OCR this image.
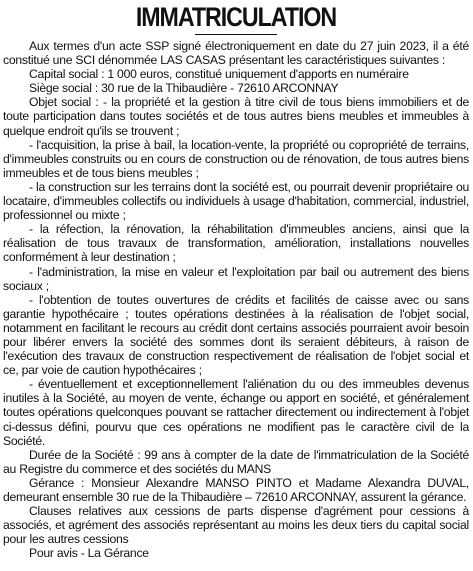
IMMATRICULATION

Aux termes d'un acte SSP signé électroniquement en date du 27 juin 2023, il a été constitué une SCI dénommée LAS CASAS présentant les caractéristiques suivantes :

Capital social : 1 000 euros, constitué uniquement d'apports en numéraire

Siège social : 30 rue de la Thibaudière - 72610 ARCONNAY

Objet social : - la propriété et la gestion à titre civil de tous biens immobiliers et de toute participation dans toutes sociétés et de tous autres biens meubles et immeubles à quelque endroit qu'ils se trouvent ;

- l'acquisition, la prise à bail, la location-vente, la propriété ou copropriété de terrains, d'immeubles construits ou en cours de construction ou de rénovation, de tous autres biens immeubles et de tous biens meubles ;

- la construction sur les terrains dont la société est, ou pourrait devenir propriétaire ou locataire, d'immeubles collectifs ou individuels à usage d'habitation, commercial, industriel, professionnel ou mixte ;

- la réfection, la rénovation, la réhabilitation d'immeubles anciens, ainsi que la réalisation de tous travaux de transformation, amélioration, installations nouvelles conformément à leur destination ;

- l'administration, la mise en valeur et l'exploitation par bail ou autrement des biens sociaux ;

- l'obtention de toutes ouvertures de crédits et facilités de caisse avec ou sans garantie hypothécaire ; toutes opérations destinées à la réalisation de l'objet social, notamment en facilitant le recours au crédit dont certains associés pourraient avoir besoin pour libérer envers la société des sommes dont ils seraient débiteurs, à raison de l'exécution des travaux de construction respectivement de réalisation de l'objet social et ce, par voie de caution hypothécaires ;

- éventuellement et exceptionnellement l'aliénation du ou des immeubles devenus inutiles à la Société, au moyen de vente, échange ou apport en société, et généralement toutes opérations quelconques pouvant se rattacher directement ou indirectement à l'objet ci-dessus défini, pourvu que ces opérations ne modifient pas le caractère civil de la Société.

Durée de la Société : 99 ans à compter de la date de l'immatriculation de la Société au Registre du commerce et des sociétés du MANS

Gérance : Monsieur Alexandre MANSO PINTO et Madame Alexandra DUVAL, demeurant ensemble 30 rue de la Thibaudière – 72610 ARCONNAY, assurent la gérance.

Clauses relatives aux cessions de parts dispense d'agrément pour cessions à associés, et agrément des associés représentant au moins les deux tiers du capital social pour les autres cessions

Pour avis - La Gérance
